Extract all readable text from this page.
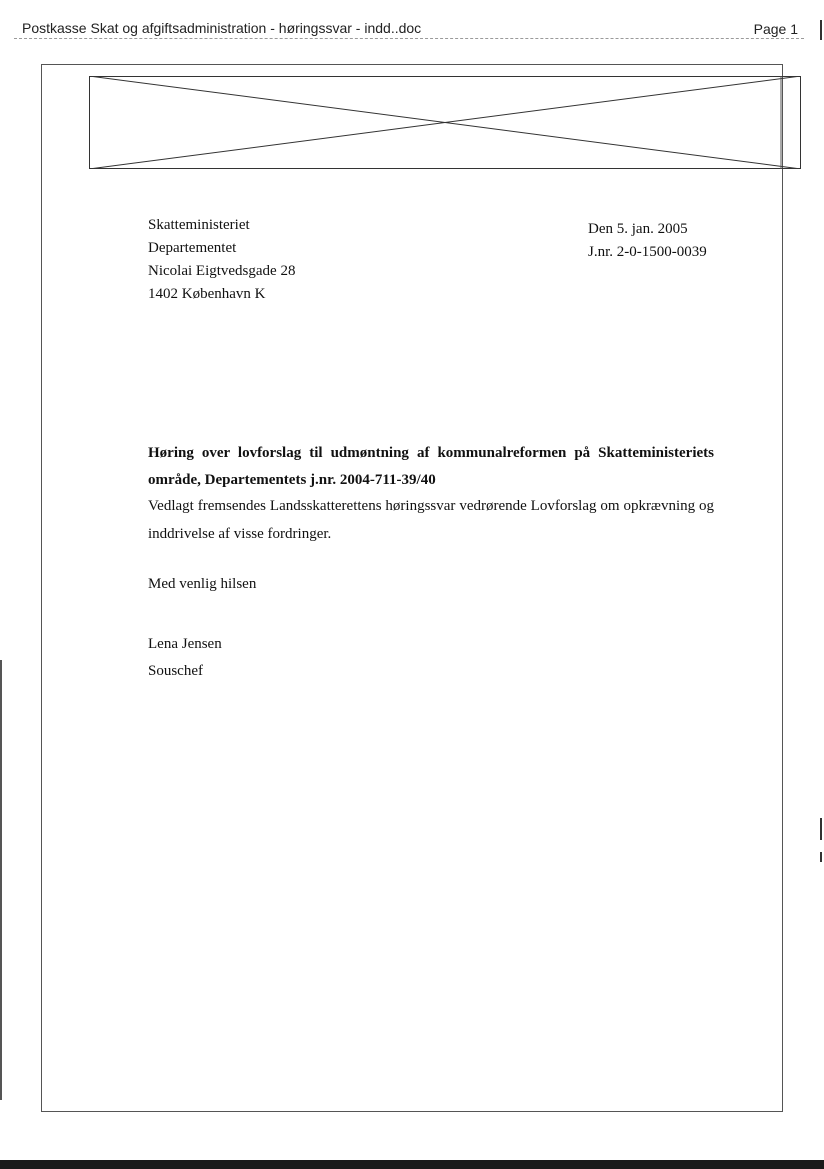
Postkasse Skat og afgiftsadministration - høringssvar - indd..doc	Page 1
Skatteministeriet
Departementet
Nicolai Eigtvedsgade 28
1402 København K
Den 5. jan. 2005
J.nr. 2-0-1500-0039
Høring over lovforslag til udmøntning af kommunalreformen på Skatteministeriets område, Departementets j.nr. 2004-711-39/40
Vedlagt fremsendes Landsskatterettens høringssvar vedrørende Lovforslag om opkrævning og inddrivelse af visse fordringer.
Med venlig hilsen
Lena Jensen
Souschef
